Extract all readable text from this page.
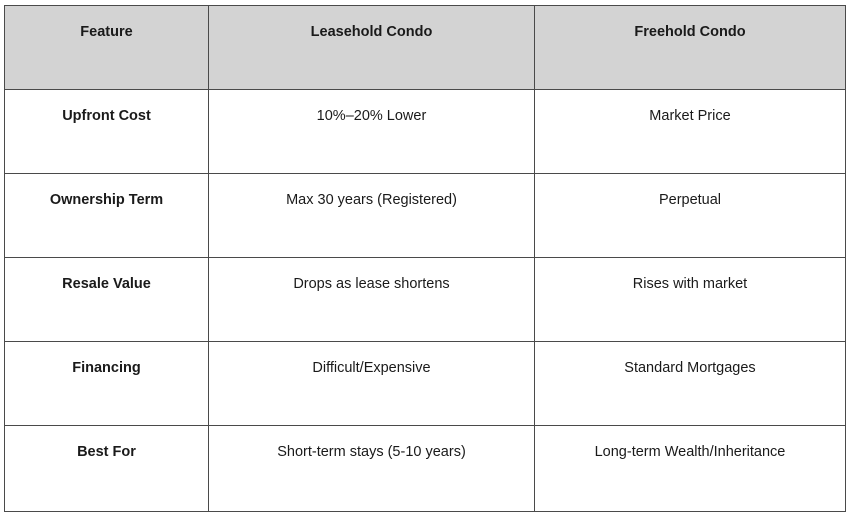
Feature	Leasehold Condo	Freehold Condo
Upfront Cost	10%–20% Lower	Market Price
Ownership Term	Max 30 years (Registered)	Perpetual
Resale Value	Drops as lease shortens	Rises with market
Financing	Difficult/Expensive	Standard Mortgages
Best For	Short-term stays (5-10 years)	Long-term Wealth/Inheritance
